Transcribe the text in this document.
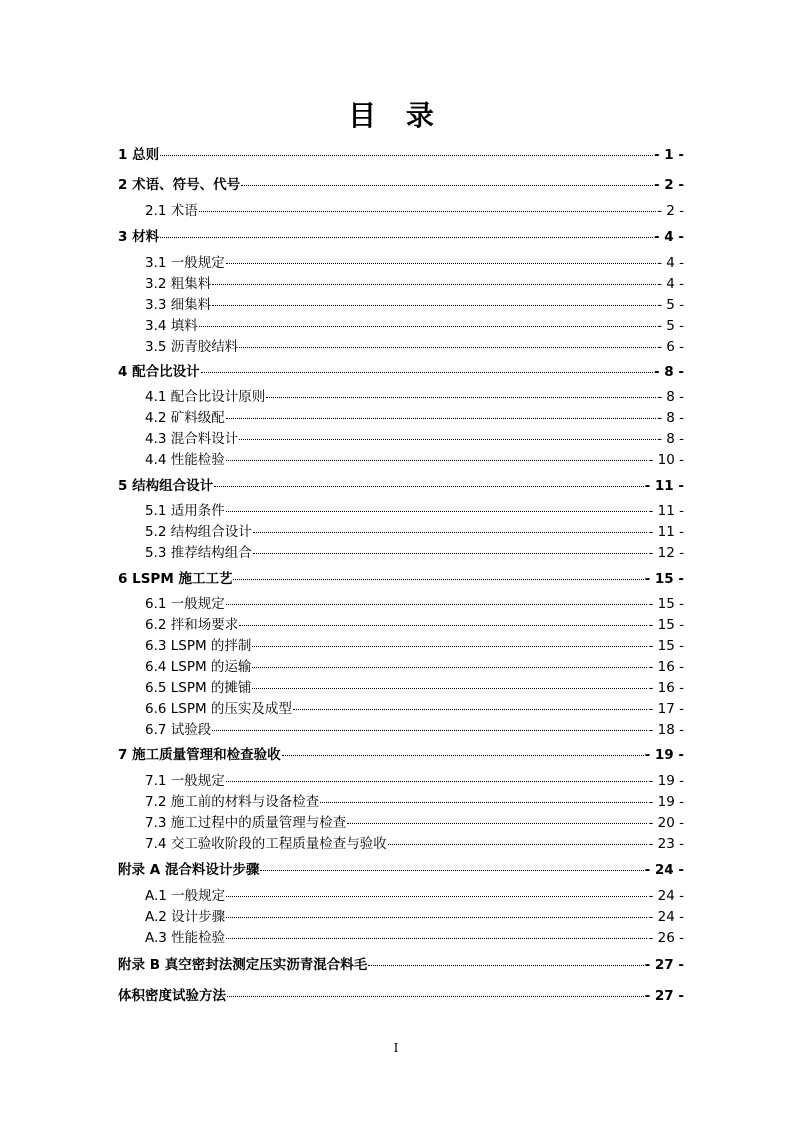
目 录
1 总则	- 1 -
2 术语、符号、代号	- 2 -
2.1 术语	- 2 -
3 材料	- 4 -
3.1 一般规定	- 4 -
3.2 粗集料	- 4 -
3.3 细集料	- 5 -
3.4 填料	- 5 -
3.5 沥青胶结料	- 6 -
4 配合比设计	- 8 -
4.1 配合比设计原则	- 8 -
4.2 矿料级配	- 8 -
4.3 混合料设计	- 8 -
4.4 性能检验	- 10 -
5 结构组合设计	- 11 -
5.1 适用条件	- 11 -
5.2 结构组合设计	- 11 -
5.3 推荐结构组合	- 12 -
6 LSPM 施工工艺	- 15 -
6.1 一般规定	- 15 -
6.2 拌和场要求	- 15 -
6.3 LSPM 的拌制	- 15 -
6.4 LSPM 的运输	- 16 -
6.5 LSPM 的摊铺	- 16 -
6.6 LSPM 的压实及成型	- 17 -
6.7 试验段	- 18 -
7 施工质量管理和检查验收	- 19 -
7.1 一般规定	- 19 -
7.2 施工前的材料与设备检查	- 19 -
7.3 施工过程中的质量管理与检查	- 20 -
7.4 交工验收阶段的工程质量检查与验收	- 23 -
附录 A 混合料设计步骤	- 24 -
A.1 一般规定	- 24 -
A.2 设计步骤	- 24 -
A.3 性能检验	- 26 -
附录 B 真空密封法测定压实沥青混合料毛	- 27 -
体积密度试验方法	- 27 -
I
